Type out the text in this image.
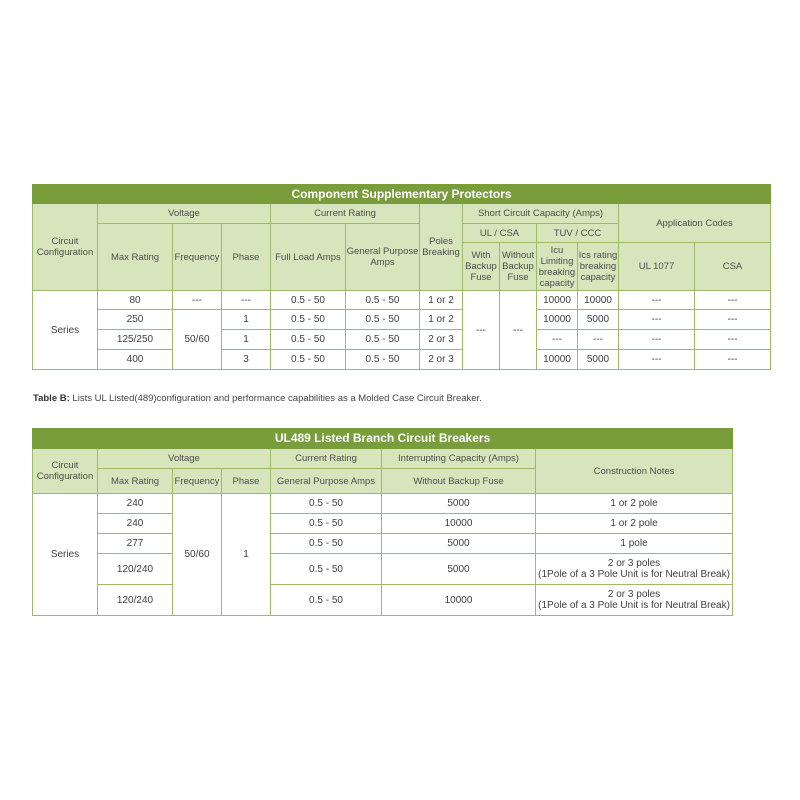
Component Supplementary Protectors												
Circuit Configuration	Voltage			Current Rating		Poles Breaking	Short Circuit Capacity (Amps)				Application Codes	
	Max Rating	Frequency	Phase	Full Load Amps	General Purpose Amps		UL / CSA		TUV / CCC			
							With Backup Fuse	Without Backup Fuse	Icu Limiting breaking capacity	Ics rating breaking capacity	UL 1077	CSA
Series	80	---	---	0.5 - 50	0.5 - 50	1 or 2	---	---	10000	10000	---	---
	250	50/60	1	0.5 - 50	0.5 - 50	1 or 2			10000	5000	---	---
	125/250		1	0.5 - 50	0.5 - 50	2 or 3			---	---	---	---
	400		3	0.5 - 50	0.5 - 50	2 or 3			10000	5000	---	---
Table B: Lists UL Listed(489)configuration and performance capabilities as a Molded Case Circuit Breaker.
UL489 Listed Branch Circuit Breakers						
Circuit Configuration	Voltage			Current Rating	Interrupting Capacity (Amps)	Construction Notes
	Max Rating	Frequency	Phase	General Purpose Amps	Without Backup Fuse	
Series	240	50/60	1	0.5 - 50	5000	1 or 2 pole
	240			0.5 - 50	10000	1 or 2 pole
	277			0.5 - 50	5000	1 pole
	120/240			0.5 - 50	5000	2 or 3 poles
(1Pole of a 3 Pole Unit is for Neutral Break)

	120/240			0.5 - 50	10000	2 or 3 poles
(1Pole of a 3 Pole Unit is for Neutral Break)
